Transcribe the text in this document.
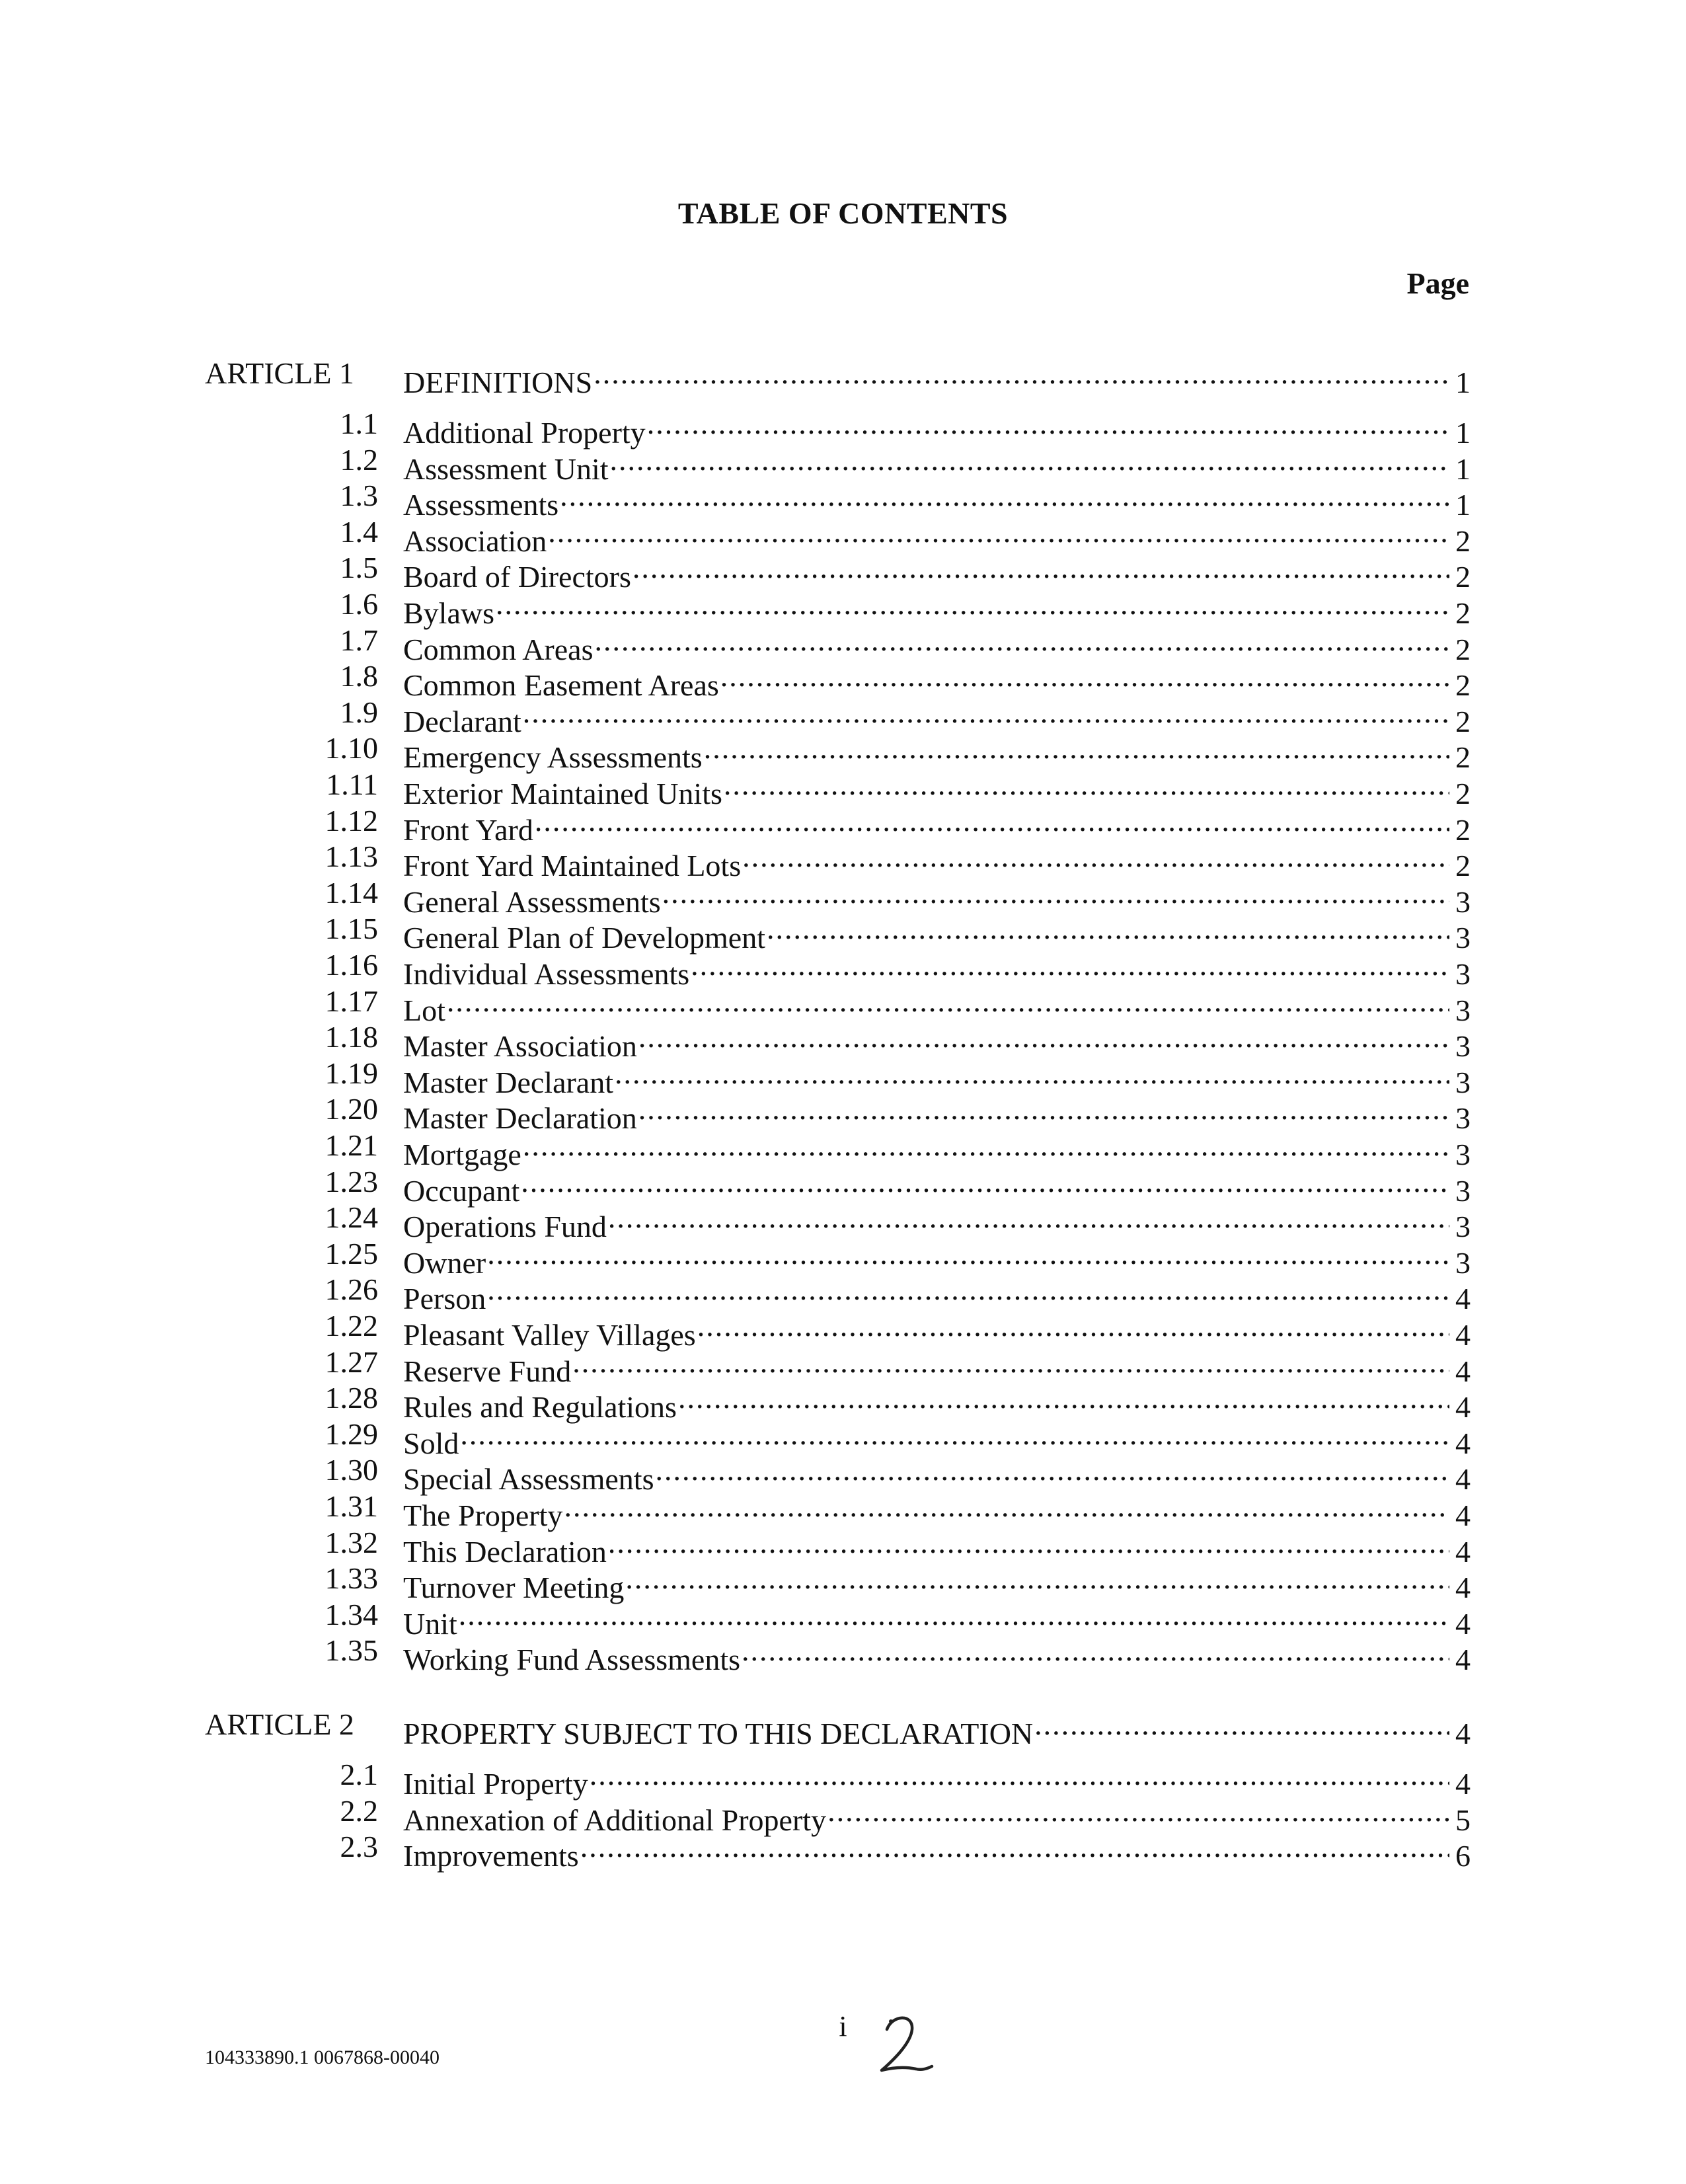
TABLE OF CONTENTS
Page
ARTICLE 1	DEFINITIONS .....	1
1.1 Additional Property .....	1
1.2 Assessment Unit .....	1
1.3 Assessments .....	1
1.4 Association .....	2
1.5 Board of Directors .....	2
1.6 Bylaws .....	2
1.7 Common Areas .....	2
1.8 Common Easement Areas .....	2
1.9 Declarant .....	2
1.10 Emergency Assessments .....	2
1.11 Exterior Maintained Units .....	2
1.12 Front Yard .....	2
1.13 Front Yard Maintained Lots .....	2
1.14 General Assessments .....	3
1.15 General Plan of Development .....	3
1.16 Individual Assessments .....	3
1.17 Lot .....	3
1.18 Master Association .....	3
1.19 Master Declarant .....	3
1.20 Master Declaration .....	3
1.21 Mortgage .....	3
1.23 Occupant .....	3
1.24 Operations Fund .....	3
1.25 Owner .....	3
1.26 Person .....	4
1.22 Pleasant Valley Villages .....	4
1.27 Reserve Fund .....	4
1.28 Rules and Regulations .....	4
1.29 Sold .....	4
1.30 Special Assessments .....	4
1.31 The Property .....	4
1.32 This Declaration .....	4
1.33 Turnover Meeting .....	4
1.34 Unit .....	4
1.35 Working Fund Assessments .....	4
ARTICLE 2	PROPERTY SUBJECT TO THIS DECLARATION .....	4
2.1 Initial Property .....	4
2.2 Annexation of Additional Property .....	5
2.3 Improvements .....	6
i
104333890.1 0067868-00040
